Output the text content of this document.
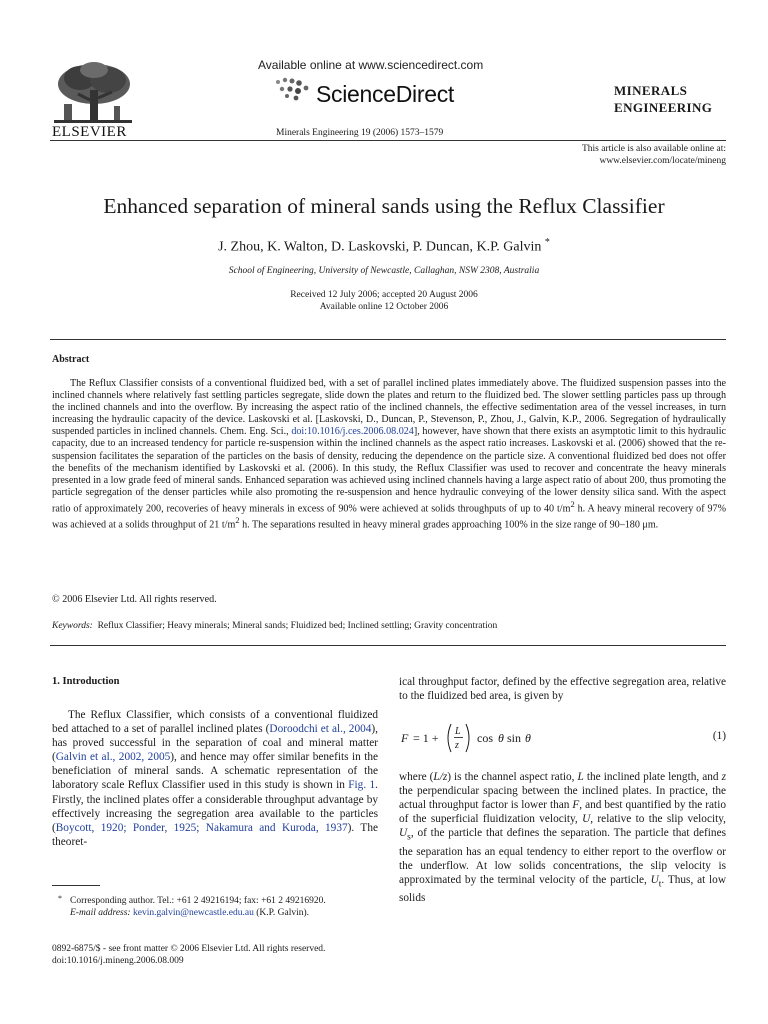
ELSEVIER
Available online at www.sciencedirect.com
ScienceDirect
Minerals Engineering 19 (2006) 1573–1579
MINERALS
ENGINEERING
This article is also available online at:
www.elsevier.com/locate/mineng
Enhanced separation of mineral sands using the Reflux Classifier
J. Zhou, K. Walton, D. Laskovski, P. Duncan, K.P. Galvin *
School of Engineering, University of Newcastle, Callaghan, NSW 2308, Australia
Received 12 July 2006; accepted 20 August 2006
Available online 12 October 2006
Abstract

The Reflux Classifier consists of a conventional fluidized bed, with a set of parallel inclined plates immediately above. The fluidized suspension passes into the inclined channels where relatively fast settling particles segregate, slide down the plates and return to the fluidized bed. The slower settling particles pass up through the inclined channels and into the overflow. By increasing the aspect ratio of the inclined channels, the effective sedimentation area of the vessel increases, in turn increasing the hydraulic capacity of the device. Laskovski et al. [Laskovski, D., Duncan, P., Stevenson, P., Zhou, J., Galvin, K.P., 2006. Segregation of hydraulically suspended particles in inclined channels. Chem. Eng. Sci., doi:10.1016/j.ces.2006.08.024], however, have shown that there exists an asymptotic limit to this hydraulic capacity, due to an increased tendency for particle re-suspension within the inclined channels as the aspect ratio increases. Laskovski et al. (2006) showed that the re-suspension facilitates the separation of the particles on the basis of density, reducing the dependence on the particle size. A conventional fluidized bed does not offer the benefits of the mechanism identified by Laskovski et al. (2006). In this study, the Reflux Classifier was used to recover and concentrate the heavy minerals presented in a low grade feed of mineral sands. Enhanced separation was achieved using inclined channels having a large aspect ratio of about 200, thus promoting the particle segregation of the denser particles while also promoting the re-suspension and hence hydraulic conveying of the lower density silica sand. With the aspect ratio of approximately 200, recoveries of heavy minerals in excess of 90% were achieved at solids throughputs of up to 40 $t/m^2$ h. A heavy mineral recovery of 97% was achieved at a solids throughput of 21 $t/m^2$ h. The separations resulted in heavy mineral grades approaching 100% in the size range of 90–180 μm.

© 2006 Elsevier Ltd. All rights reserved.
Keywords: Reflux Classifier; Heavy minerals; Mineral sands; Fluidized bed; Inclined settling; Gravity concentration
1. Introduction

The Reflux Classifier, which consists of a conventional fluidized bed attached to a set of parallel inclined plates (Doroodchi et al., 2004), has proved successful in the separation of coal and mineral matter (Galvin et al., 2002, 2005), and hence may offer similar benefits in the beneficiation of mineral sands. A schematic representation of the laboratory scale Reflux Classifier used in this study is shown in Fig. 1. Firstly, the inclined plates offer a considerable throughput advantage by effectively increasing the segregation area available to the particles (Boycott, 1920; Ponder, 1925; Nakamura and Kuroda, 1937). The theoret-

ical throughput factor, defined by the effective segregation area, relative to the fluidized bed area, is given by
F = 1 + L
z
cos θ sin θ	(1)
where (L/z) is the channel aspect ratio, L the inclined plate length, and z the perpendicular spacing between the inclined plates. In practice, the actual throughput factor is lower than F, and best quantified by the ratio of the superficial fluidization velocity, U, relative to the slip velocity, $U_s$, of the particle that defines the separation. The particle that defines the separation has an equal tendency to either report to the overflow or the underflow. At low solids concentrations, the slip velocity is approximated by the terminal velocity of the particle, $U_t$. Thus, at low solids
* Corresponding author. Tel.: +61 2 49216194; fax: +61 2 49216920.
E-mail address: kevin.galvin@newcastle.edu.au (K.P. Galvin).
0892-6875/$ - see front matter © 2006 Elsevier Ltd. All rights reserved.
doi:10.1016/j.mineng.2006.08.009
